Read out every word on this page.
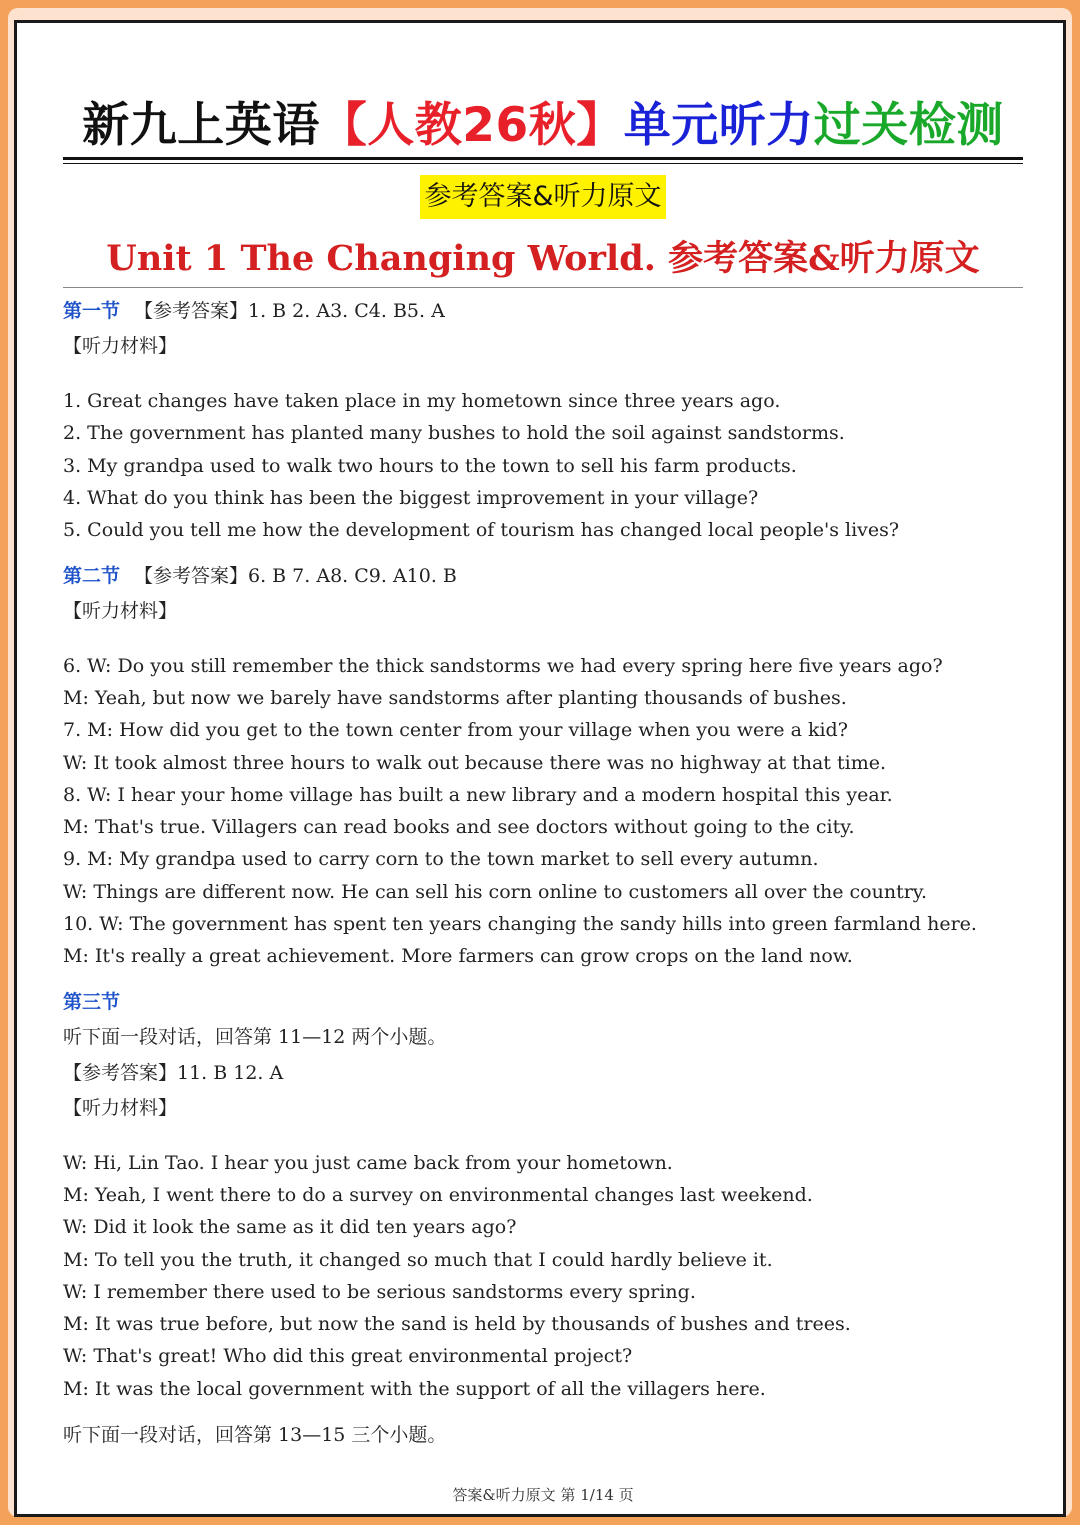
新九上英语【人教26秋】单元听力过关检测
参考答案&听力原文
Unit 1 The Changing World. 参考答案&听力原文
第一节 【参考答案】1. B 2. A3. C4. B5. A
【听力材料】
1. Great changes have taken place in my hometown since three years ago.
2. The government has planted many bushes to hold the soil against sandstorms.
3. My grandpa used to walk two hours to the town to sell his farm products.
4. What do you think has been the biggest improvement in your village?
5. Could you tell me how the development of tourism has changed local people's lives?
第二节 【参考答案】6. B 7. A8. C9. A10. B
【听力材料】
6. W: Do you still remember the thick sandstorms we had every spring here five years ago?
M: Yeah, but now we barely have sandstorms after planting thousands of bushes.
7. M: How did you get to the town center from your village when you were a kid?
W: It took almost three hours to walk out because there was no highway at that time.
8. W: I hear your home village has built a new library and a modern hospital this year.
M: That's true. Villagers can read books and see doctors without going to the city.
9. M: My grandpa used to carry corn to the town market to sell every autumn.
W: Things are different now. He can sell his corn online to customers all over the country.
10. W: The government has spent ten years changing the sandy hills into green farmland here.
M: It's really a great achievement. More farmers can grow crops on the land now.
第三节
听下面一段对话，回答第 11—12 两个小题。
【参考答案】11. B 12. A
【听力材料】
W: Hi, Lin Tao. I hear you just came back from your hometown.
M: Yeah, I went there to do a survey on environmental changes last weekend.
W: Did it look the same as it did ten years ago?
M: To tell you the truth, it changed so much that I could hardly believe it.
W: I remember there used to be serious sandstorms every spring.
M: It was true before, but now the sand is held by thousands of bushes and trees.
W: That's great! Who did this great environmental project?
M: It was the local government with the support of all the villagers here.
听下面一段对话，回答第 13—15 三个小题。
答案&听力原文 第 1/14 页
